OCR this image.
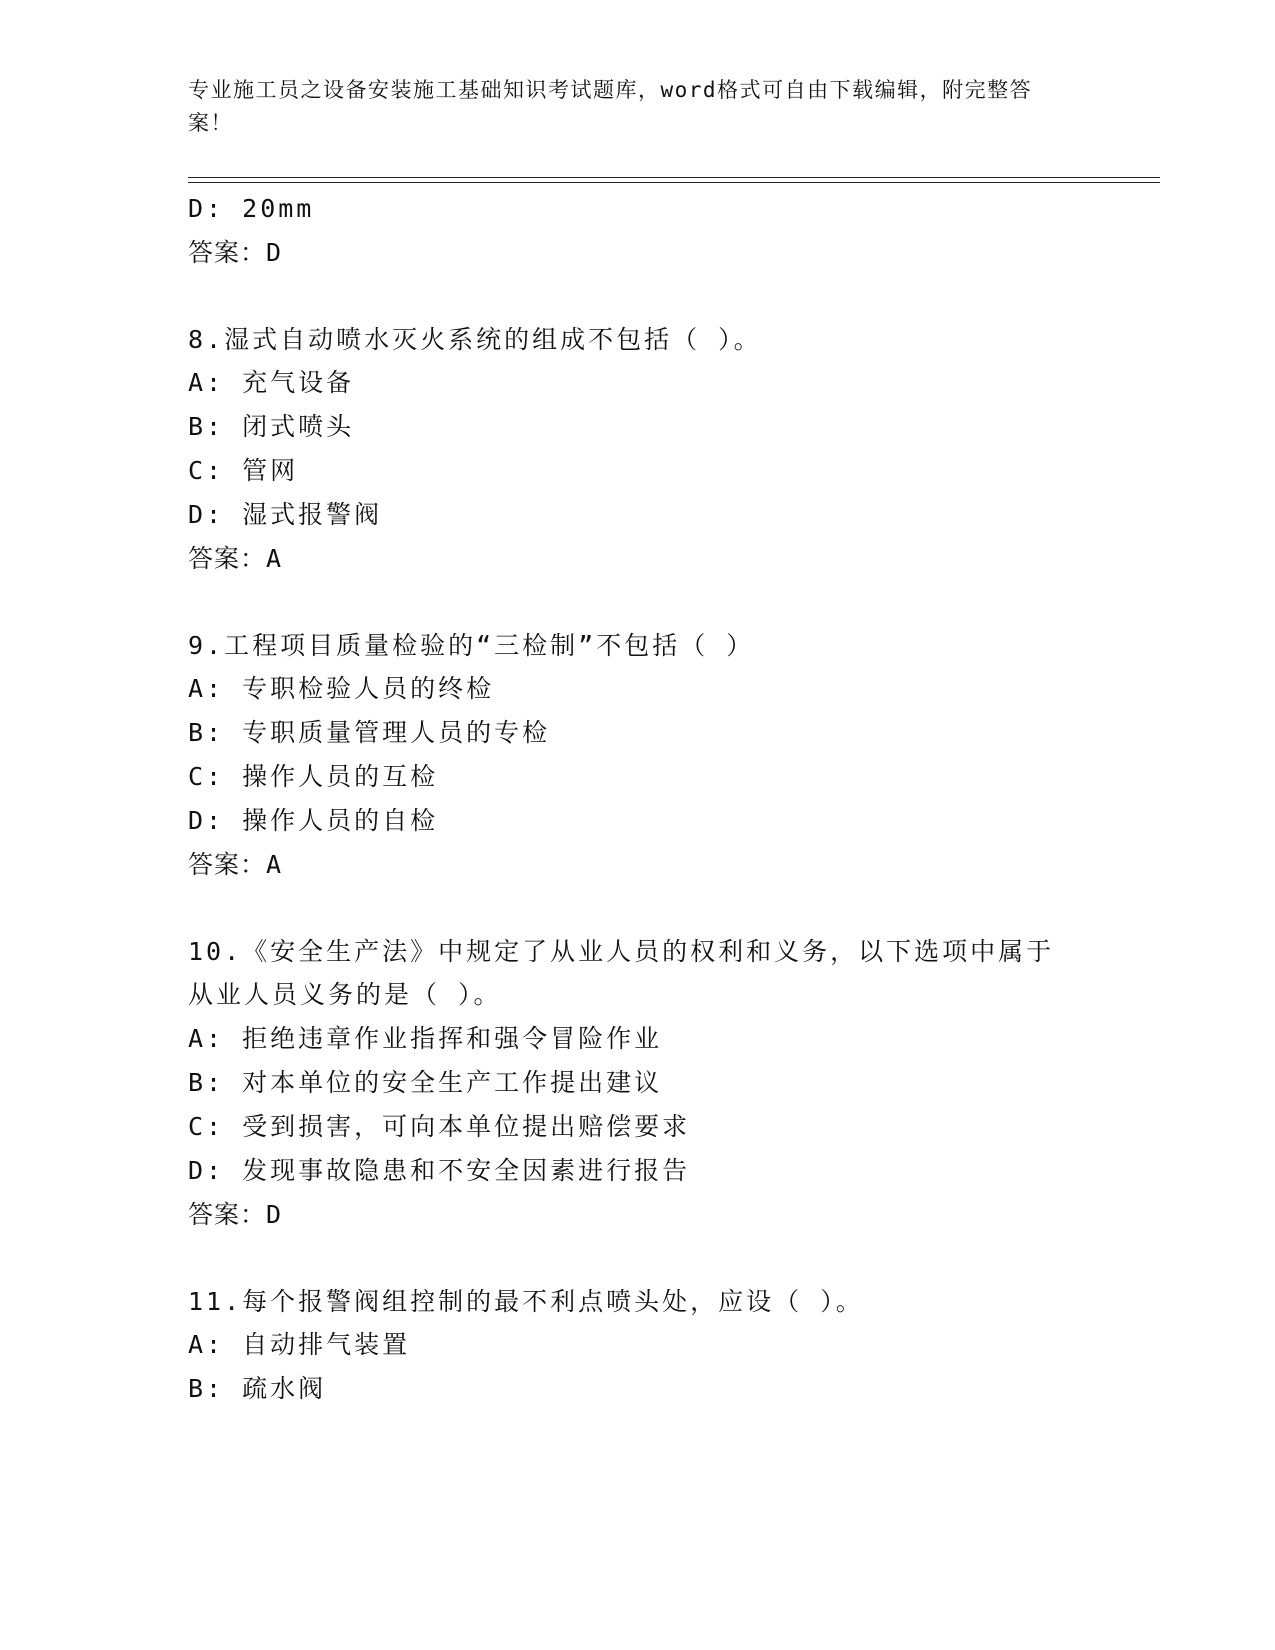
专业施工员之设备安装施工基础知识考试题库，word格式可自由下载编辑，附完整答案！
D: 20mm
答案：D
8.湿式自动喷水灭火系统的组成不包括（ ）。
A: 充气设备
B: 闭式喷头
C: 管网
D: 湿式报警阀
答案：A
9.工程项目质量检验的“三检制”不包括（ ）
A: 专职检验人员的终检
B: 专职质量管理人员的专检
C: 操作人员的互检
D: 操作人员的自检
答案：A
10.《安全生产法》中规定了从业人员的权利和义务，以下选项中属于
从业人员义务的是（ ）。
A: 拒绝违章作业指挥和强令冒险作业
B: 对本单位的安全生产工作提出建议
C: 受到损害，可向本单位提出赔偿要求
D: 发现事故隐患和不安全因素进行报告
答案：D
11.每个报警阀组控制的最不利点喷头处，应设（ ）。
A: 自动排气装置
B: 疏水阀
